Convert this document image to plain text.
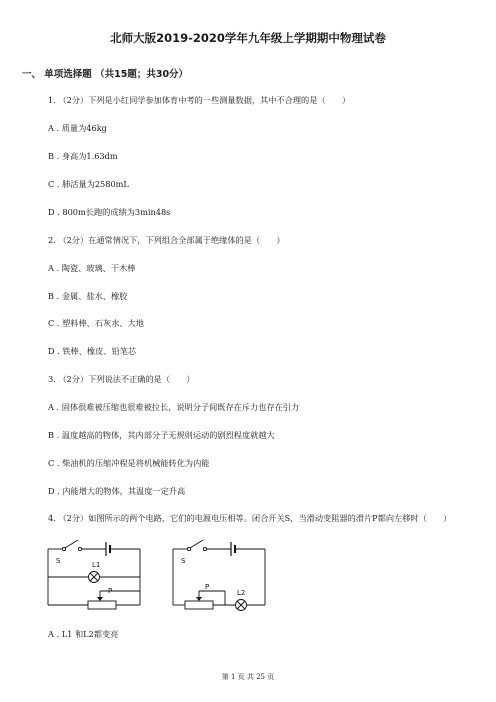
北师大版2019-2020学年九年级上学期期中物理试卷
一、 单项选择题 （共15题；共30分）
1. （2分）下列是小红同学参加体育中考的一些测量数据，其中不合理的是（　　）
A . 质量为46kg
B . 身高为1.63dm
C . 肺活量为2580mL
D . 800m长跑的成绩为3min48s
2. （2分）在通常情况下，下列组合全部属于绝缘体的是（　　）
A . 陶瓷、玻璃、干木棒
B . 金属、盐水、橡胶
C . 塑料棒、石灰水、大地
D . 铁棒、橡皮、铅笔芯
3. （2分）下列说法不正确的是（　　）
A . 固体很难被压缩也很难被拉长，说明分子间既存在斥力也存在引力
B . 温度越高的物体，其内部分子无规则运动的剧烈程度就越大
C . 柴油机的压缩冲程是将机械能转化为内能
D . 内能增大的物体，其温度一定升高
4. （2分）如图所示的两个电路，它们的电源电压相等。闭合开关S，当滑动变阻器的滑片P都向左移时（　　）
S	L1
P
S
L2
P
A . L1 和L2都变亮
第 1 页 共 25 页
